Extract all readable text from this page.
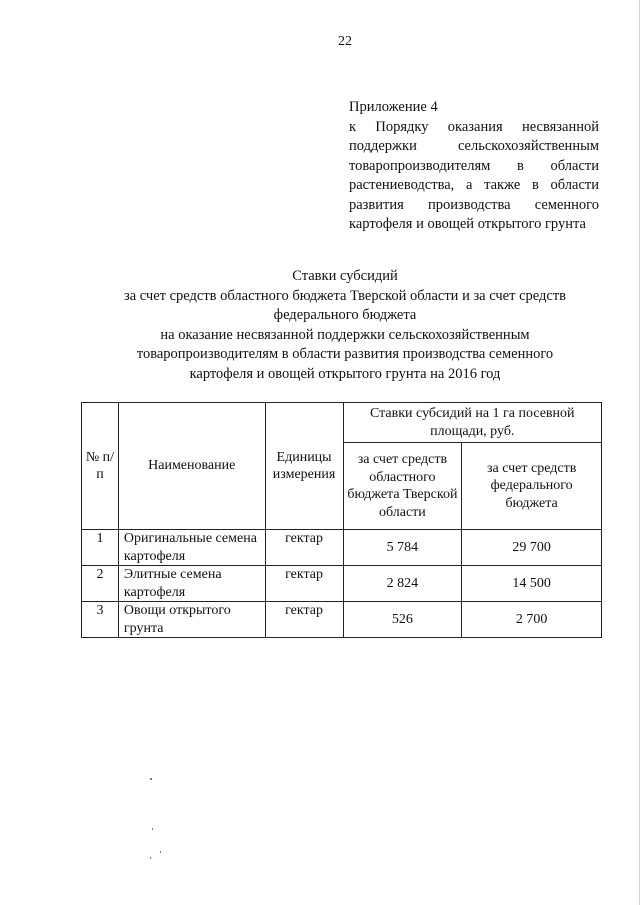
22
Приложение 4
к Порядку оказания несвязанной поддержки сельскохозяйственным товаропроизводителям в области растениеводства, а также в области развития производства семенного картофеля и овощей открытого грунта
Ставки субсидий
за счет средств областного бюджета Тверской области и за счет средств
федерального бюджета
на оказание несвязанной поддержки сельскохозяйственным
товаропроизводителям в области развития производства семенного
картофеля и овощей открытого грунта на 2016 год
№ п/п	Наименование	Единицы измерения	Ставки субсидий на 1 га посевной площади, руб.	
			за счет средств областного бюджета Тверской области	за счет средств федерального бюджета
1	Оригинальные семена картофеля	гектар	5 784	29 700
2	Элитные семена картофеля	гектар	2 824	14 500
3	Овощи открытого грунта	гектар	526	2 700
